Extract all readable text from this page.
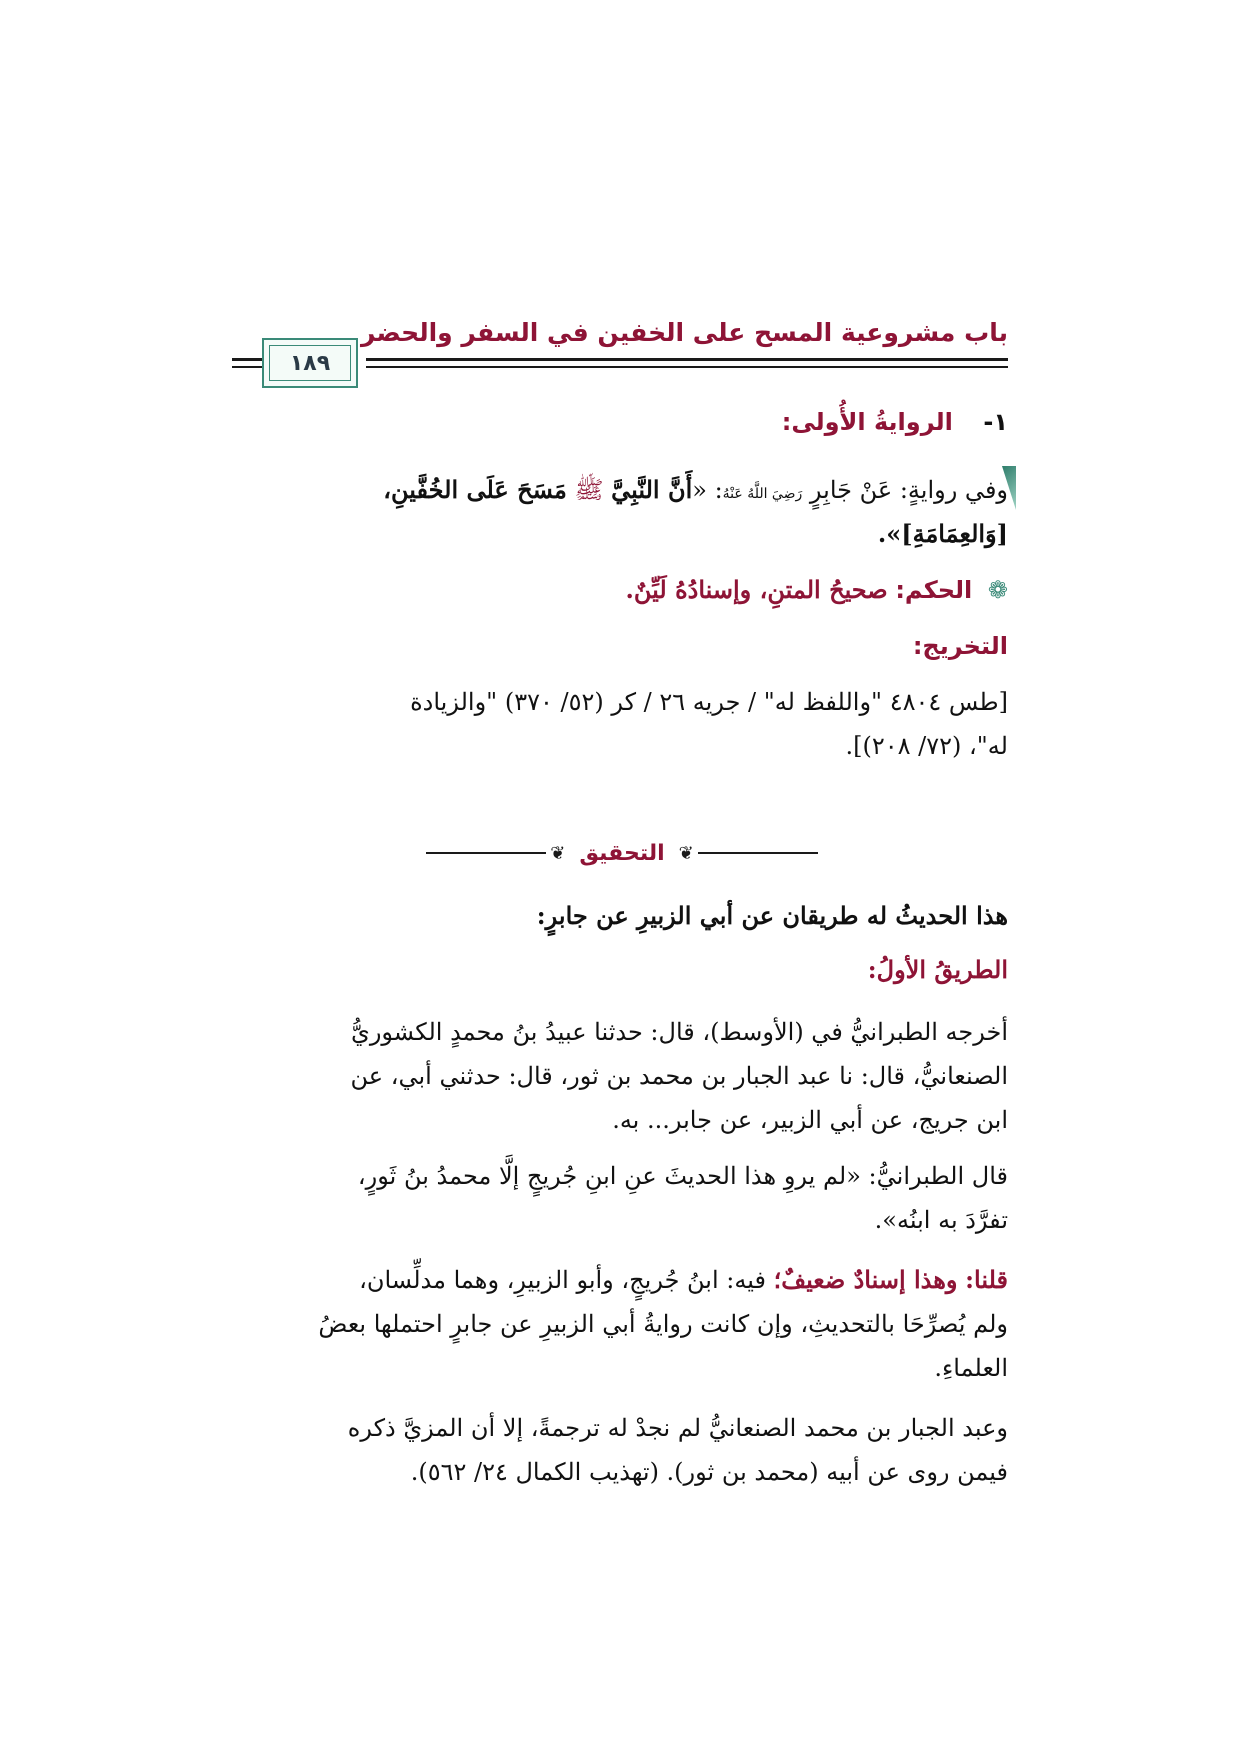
باب مشروعية المسح على الخفين في السفر والحضر
١٨٩
١-    الروايةُ الأُولى:
وفي روايةٍ: عَنْ جَابِرٍ رَضِيَ اللَّهُ عَنْهُ: «أَنَّ النَّبِيَّ ﷺ مَسَحَ عَلَى الخُفَّينِ،
[وَالعِمَامَةِ]».
❁ الحكم: صحيحُ المتنِ، وإسنادُهُ لَيِّنٌ.
التخريج:
[طس ٤٨٠٤ "واللفظ له" / جريه ٢٦ / كر (٥٢/ ٣٧٠) "والزيادة
له"، (٧٢/ ٢٠٨)].
❦
التحقيق
❦
هذا الحديثُ له طريقان عن أبي الزبيرِ عن جابرٍ:
الطريقُ الأولُ:
أخرجه الطبرانيُّ في (الأوسط)، قال: حدثنا عبيدُ بنُ محمدٍ الكشوريُّ
الصنعانيُّ، قال: نا عبد الجبار بن محمد بن ثور، قال: حدثني أبي، عن
ابن جريج، عن أبي الزبير، عن جابر... به.
قال الطبرانيُّ: «لم يروِ هذا الحديثَ عنِ ابنِ جُريجٍ إلَّا محمدُ بنُ ثَورٍ،
تفرَّدَ به ابنُه».
قلنا: وهذا إسنادٌ ضعيفٌ؛ فيه: ابنُ جُريجٍ، وأبو الزبيرِ، وهما مدلِّسان،
ولم يُصرِّحَا بالتحديثِ، وإن كانت روايةُ أبي الزبيرِ عن جابرٍ احتملها بعضُ
العلماءِ.
وعبد الجبار بن محمد الصنعانيُّ لم نجدْ له ترجمةً، إلا أن المزيَّ ذكره
فيمن روى عن أبيه (محمد بن ثور). (تهذيب الكمال ٢٤/ ٥٦٢).
